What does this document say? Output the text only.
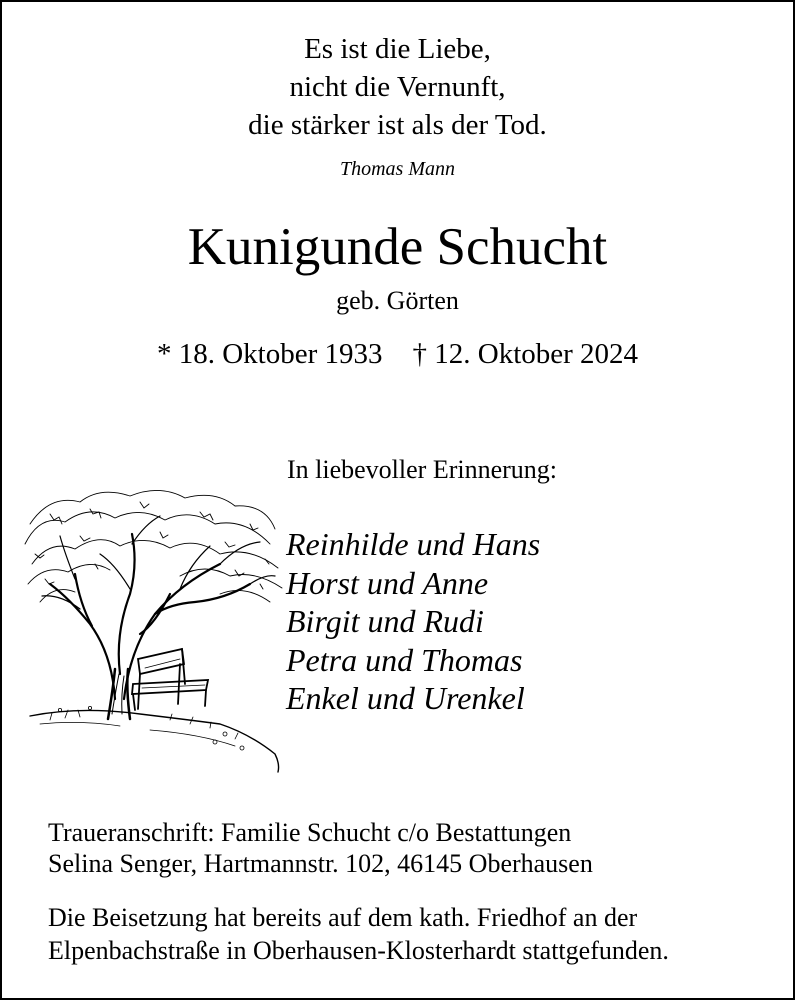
Es ist die Liebe,
nicht die Vernunft,
die stärker ist als der Tod.
Thomas Mann
Kunigunde Schucht
geb. Görten
* 18. Oktober 1933 † 12. Oktober 2024
In liebevoller Erinnerung:
Reinhilde und Hans
Horst und Anne
Birgit und Rudi
Petra und Thomas
Enkel und Urenkel
Traueranschrift: Familie Schucht c/o Bestattungen
Selina Senger, Hartmannstr. 102, 46145 Oberhausen
Die Beisetzung hat bereits auf dem kath. Friedhof an der
Elpenbachstraße in Oberhausen-Klosterhardt stattgefunden.
